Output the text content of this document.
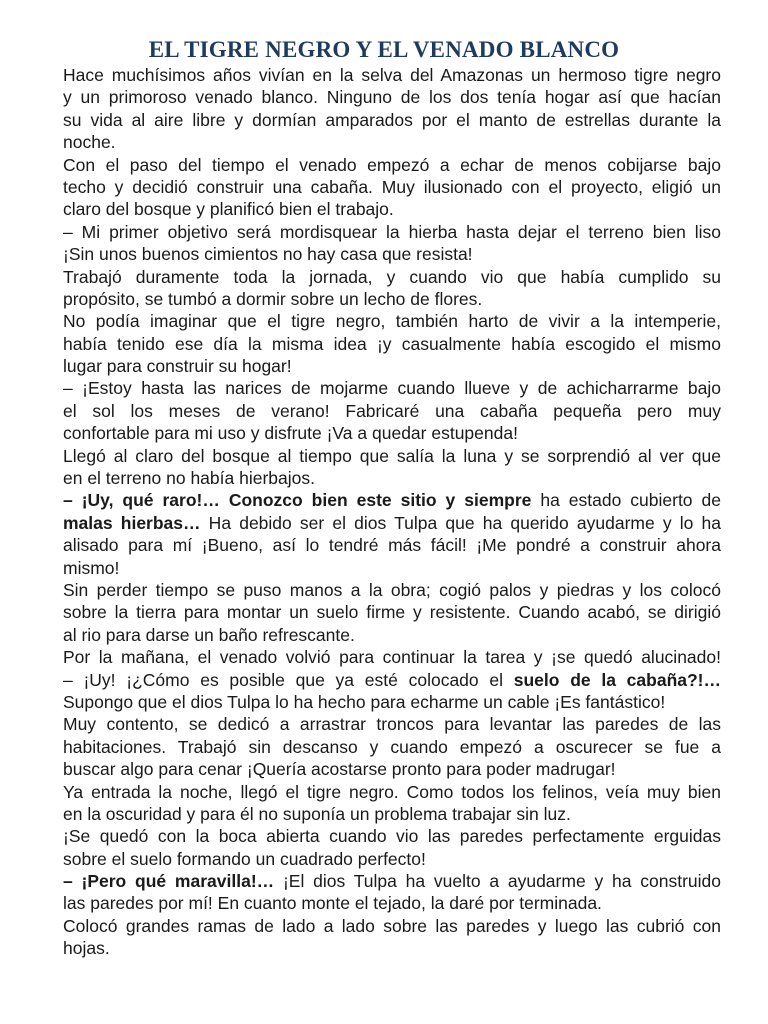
EL TIGRE NEGRO Y EL VENADO BLANCO
Hace muchísimos años vivían en la selva del Amazonas un hermoso tigre negro
y un primoroso venado blanco. Ninguno de los dos tenía hogar así que hacían
su vida al aire libre y dormían amparados por el manto de estrellas durante la
noche.
Con el paso del tiempo el venado empezó a echar de menos cobijarse bajo
techo y decidió construir una cabaña. Muy ilusionado con el proyecto, eligió un
claro del bosque y planificó bien el trabajo.
– Mi primer objetivo será mordisquear la hierba hasta dejar el terreno bien liso
¡Sin unos buenos cimientos no hay casa que resista!
Trabajó duramente toda la jornada, y cuando vio que había cumplido su
propósito, se tumbó a dormir sobre un lecho de flores.
No podía imaginar que el tigre negro, también harto de vivir a la intemperie,
había tenido ese día la misma idea ¡y casualmente había escogido el mismo
lugar para construir su hogar!
– ¡Estoy hasta las narices de mojarme cuando llueve y de achicharrarme bajo
el sol los meses de verano! Fabricaré una cabaña pequeña pero muy
confortable para mi uso y disfrute ¡Va a quedar estupenda!
Llegó al claro del bosque al tiempo que salía la luna y se sorprendió al ver que
en el terreno no había hierbajos.
– ¡Uy, qué raro!… Conozco bien este sitio y siempre ha estado cubierto de
malas hierbas… Ha debido ser el dios Tulpa que ha querido ayudarme y lo ha
alisado para mí ¡Bueno, así lo tendré más fácil! ¡Me pondré a construir ahora
mismo!
Sin perder tiempo se puso manos a la obra; cogió palos y piedras y los colocó
sobre la tierra para montar un suelo firme y resistente. Cuando acabó, se dirigió
al rio para darse un baño refrescante.
Por la mañana, el venado volvió para continuar la tarea y ¡se quedó alucinado!
– ¡Uy! ¡¿Cómo es posible que ya esté colocado el suelo de la cabaña?!…
Supongo que el dios Tulpa lo ha hecho para echarme un cable ¡Es fantástico!
Muy contento, se dedicó a arrastrar troncos para levantar las paredes de las
habitaciones. Trabajó sin descanso y cuando empezó a oscurecer se fue a
buscar algo para cenar ¡Quería acostarse pronto para poder madrugar!
Ya entrada la noche, llegó el tigre negro. Como todos los felinos, veía muy bien
en la oscuridad y para él no suponía un problema trabajar sin luz.
¡Se quedó con la boca abierta cuando vio las paredes perfectamente erguidas
sobre el suelo formando un cuadrado perfecto!
– ¡Pero qué maravilla!… ¡El dios Tulpa ha vuelto a ayudarme y ha construido
las paredes por mí! En cuanto monte el tejado, la daré por terminada.
Colocó grandes ramas de lado a lado sobre las paredes y luego las cubrió con
hojas.
